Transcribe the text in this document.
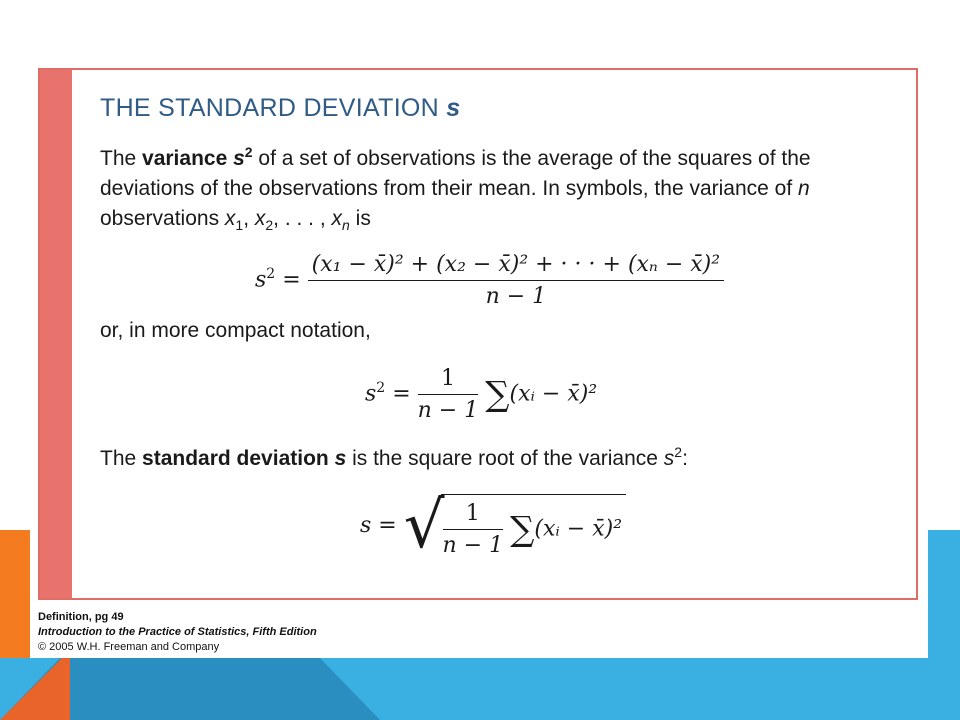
THE STANDARD DEVIATION s
The variance $s^2$ of a set of observations is the average of the squares of the deviations of the observations from their mean. In symbols, the variance of n observations $x_1$, $x_2$, . . . , $x_n$ is
$s^2 = \frac{\text{(x₁ − x̄)² + (x₂ − x̄)² + · · · + (xₙ − x̄)²}}{n - 1}$
or, in more compact notation,
$s^2 = \frac{1}{n - 1}$ ∑(xᵢ − x̄)²
The standard deviation s is the square root of the variance $s^2$:
s = √
$\frac{1}{n - 1}$ ∑(xᵢ − x̄)²
Definition, pg 49
Introduction to the Practice of Statistics, Fifth Edition
© 2005 W.H. Freeman and Company
